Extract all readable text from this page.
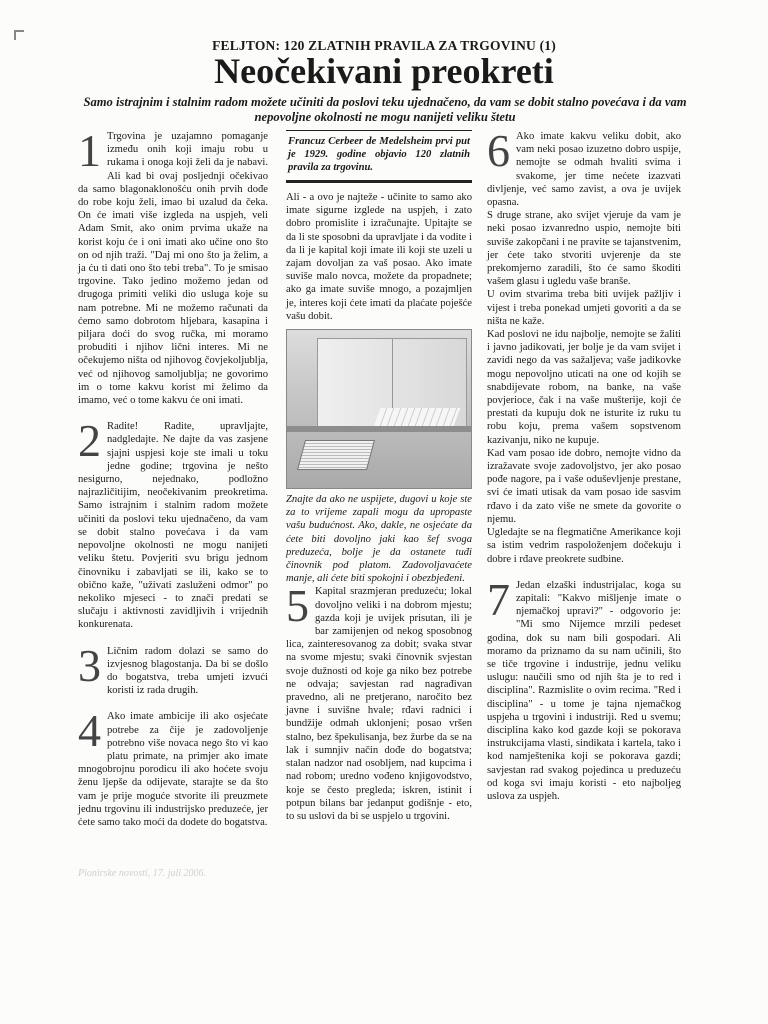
FELJTON: 120 ZLATNIH PRAVILA ZA TRGOVINU (1)
Neočekivani preokreti
Samo istrajnim i stalnim radom možete učiniti da poslovi teku ujednačeno, da vam se dobit stalno povećava i da vam nepovoljne okolnosti ne mogu nanijeti veliku štetu
1 Trgovina je uzajamno pomaganje između onih koji imaju robu u rukama i onoga koji želi da je nabavi. Ali kad bi ovaj posljednji očekivao da samo blagonaklonošću onih prvih dođe do robe koju želi, imao bi uzalud da čeka. On će imati više izgleda na uspjeh, veli Adam Smit, ako onim prvima ukaže na korist koju će i oni imati ako učine ono što on od njih traži. "Daj mi ono što ja želim, a ja ću ti dati ono što tebi treba". To je smisao trgovine. Tako jedino možemo jedan od drugoga primiti veliki dio usluga koje su nam potrebne. Mi ne možemo računati da ćemo samo dobrotom hljebara, kasapina i piljara doći do svog ručka, mi moramo probuditi i njihov lični interes. Mi ne očekujemo ništa od njihovog čovjekoljublja, već od njihovog samoljublja; ne govorimo im o tome kakvu korist mi želimo da imamo, već o tome kakvu će oni imati.

2 Radite! Radite, upravljajte, nadgledajte. Ne dajte da vas zasjene sjajni uspjesi koje ste imali u toku jedne godine; trgovina je nešto nesigurno, nejednako, podložno najrazličitijim, neočekivanim preokretima. Samo istrajnim i stalnim radom možete učiniti da poslovi teku ujednačeno, da vam se dobit stalno povećava i da vam nepovoljne okolnosti ne mogu nanijeti veliku štetu. Povjeriti svu brigu jednom činovniku i zabavljati se ili, kako se to obično kaže, "uživati zasluženi odmor" po nekoliko mjeseci - to znači predati se slučaju i aktivnosti zavidljivih i vrijednih konkurenata.

3 Ličnim radom dolazi se samo do izvjesnog blagostanja. Da bi se došlo do bogatstva, treba umjeti izvući koristi iz rada drugih.

4 Ako imate ambicije ili ako osjećate potrebe za čije je zadovoljenje potrebno više novaca nego što vi kao platu primate, na primjer ako imate mnogobrojnu porodicu ili ako hoćete svoju ženu ljepše da odijevate, starajte se da što vam je prije moguće stvorite ili preuzmete jednu trgovinu ili industrijsko preduzeće, jer ćete samo tako moći da dodete do bogatstva.

Francuz Cerbeer de Medelsheim prvi put je 1929. godine objavio 120 zlatnih pravila za trgovinu.

Ali - a ovo je najteže - učinite to samo ako imate sigurne izglede na uspjeh, i zato dobro promislite i izračunajte. Upitajte se da li ste sposobni da upravljate i da vodite i da li je kapital koji imate ili koji ste uzeli u zajam dovoljan za vaš posao. Ako imate suviše malo novca, možete da propadnete; ako ga imate suviše mnogo, a pozajmljen je, interes koji ćete imati da plaćate poješće vašu dobit.

Znajte da ako ne uspijete, dugovi u koje ste za to vrijeme zapali mogu da upropaste vašu budućnost. Ako, dakle, ne osjećate da ćete biti dovoljno jaki kao šef svoga preduzeća, bolje je da ostanete tuđi činovnik pod platom. Zadovoljavaćete manje, ali ćete biti spokojni i obezbjeđeni.

5 Kapital srazmjeran preduzeću; lokal dovoljno veliki i na dobrom mjestu; gazda koji je uvijek prisutan, ili je bar zamijenjen od nekog sposobnog lica, zainteresovanog za dobit; svaka stvar na svome mjestu; svaki činovnik svjestan svoje dužnosti od koje ga niko bez potrebe ne odvaja; savjestan rad nagrađivan pravedno, ali ne pretjerano, naročito bez javne i suvišne hvale; rđavi radnici i bundžije odmah uklonjeni; posao vršen stalno, bez špekulisanja, bez žurbe da se na lak i sumnjiv način dođe do bogatstva; stalan nadzor nad osobljem, nad kupcima i nad robom; uredno vođeno knjigovodstvo, koje se često pregleda; iskren, istinit i potpun bilans bar jedanput godišnje - eto, to su uslovi da bi se uspjelo u trgovini.

6 Ako imate kakvu veliku dobit, ako vam neki posao izuzetno dobro uspije, nemojte se odmah hvaliti svima i svakome, jer time nećete izazvati divljenje, već samo zavist, a ova je uvijek opasna.

S druge strane, ako svijet vjeruje da vam je neki posao izvanredno uspio, nemojte biti suviše zakopčani i ne pravite se tajanstvenim, jer ćete tako stvoriti uvjerenje da ste prekomjerno zaradili, što će samo škoditi vašem glasu i ugledu vaše branše.

U ovim stvarima treba biti uvijek pažljiv i vijest i treba ponekad umjeti govoriti a da se ništa ne kaže.

Kad poslovi ne idu najbolje, nemojte se žaliti i javno jadikovati, jer bolje je da vam svijet i zavidi nego da vas sažaljeva; vaše jadikovke mogu nepovoljno uticati na one od kojih se snabdijevate robom, na banke, na vaše povjerioce, čak i na vaše mušterije, koji će prestati da kupuju dok ne isturite iz ruku tu robu koju, prema vašem sopstvenom kazivanju, niko ne kupuje.

Kad vam posao ide dobro, nemojte vidno da izražavate svoje zadovoljstvo, jer ako posao pođe nagore, pa i vaše oduševljenje prestane, svi će imati utisak da vam posao ide sasvim rđavo i da zato više ne smete da govorite o njemu.

Ugledajte se na flegmatične Amerikance koji sa istim vedrim raspoloženjem dočekuju i dobre i rđave preokrete sudbine.

7 Jedan elzaški industrijalac, koga su zapitali: "Kakvo mišljenje imate o njemačkoj upravi?" - odgovorio je: "Mi smo Nijemce mrzili pedeset godina, dok su nam bili gospodari. Ali moramo da priznamo da su nam učinili, što se tiče trgovine i industrije, jednu veliku uslugu: naučili smo od njih šta je to red i disciplina". Razmislite o ovim recima. "Red i disciplina" - u tome je tajna njemačkog uspjeha u trgovini i industriji. Red u svemu; disciplina kako kod gazde koji se pokorava instrukcijama vlasti, sindikata i kartela, tako i kod namještenika koji se pokorava gazdi; savjestan rad svakog pojedinca u preduzeću od koga svi imaju koristi - eto najboljeg uslova za uspjeh.

Pionirske novosti, 17. juli 2006.
